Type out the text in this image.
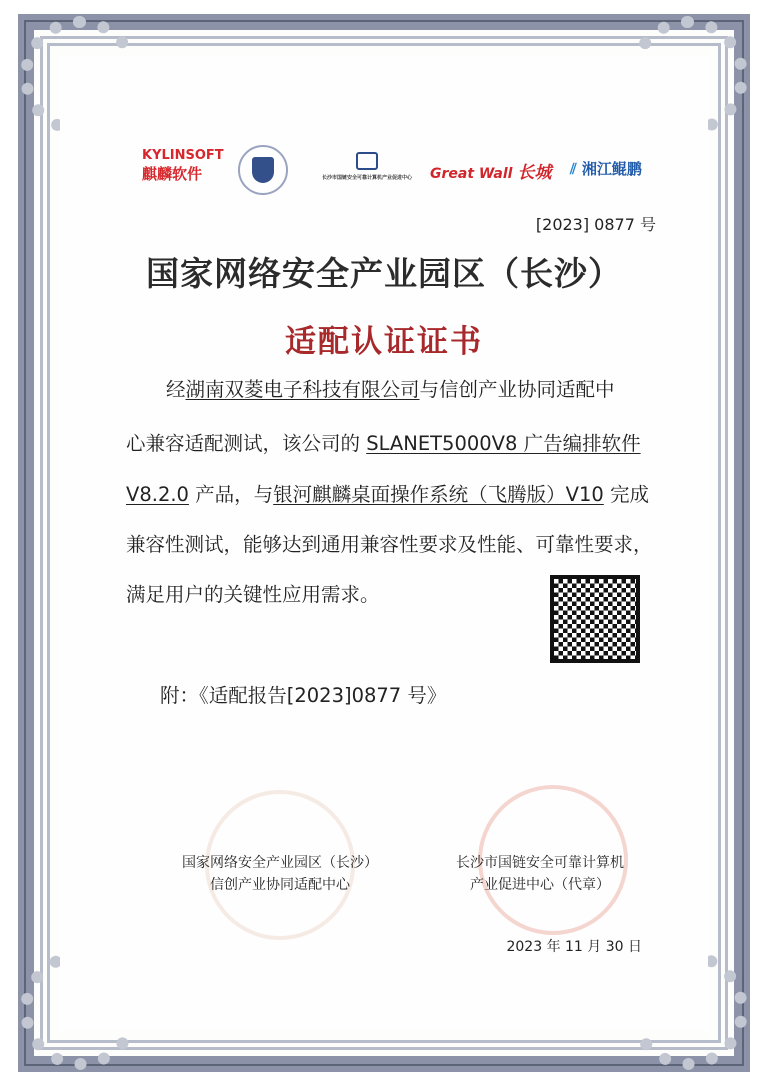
KYLINSOFT
麒麟软件	长沙市国链安全可靠计算机产业促进中心	Great Wall 长城 ⫽ 湘江鲲鹏
[2023] 0877 号
国家网络安全产业园区（长沙）
适配认证证书
经湖南双菱电子科技有限公司与信创产业协同适配中
心兼容适配测试，该公司的 SLANET5000V8 广告编排软件
V8.2.0 产品，与银河麒麟桌面操作系统（飞腾版）V10 完成
兼容性测试，能够达到通用兼容性要求及性能、可靠性要求，
满足用户的关键性应用需求。
附：《适配报告[2023]0877 号》
国家网络安全产业园区（长沙）
信创产业协同适配中心
长沙市国链安全可靠计算机
产业促进中心（代章）
2023 年 11 月 30 日
